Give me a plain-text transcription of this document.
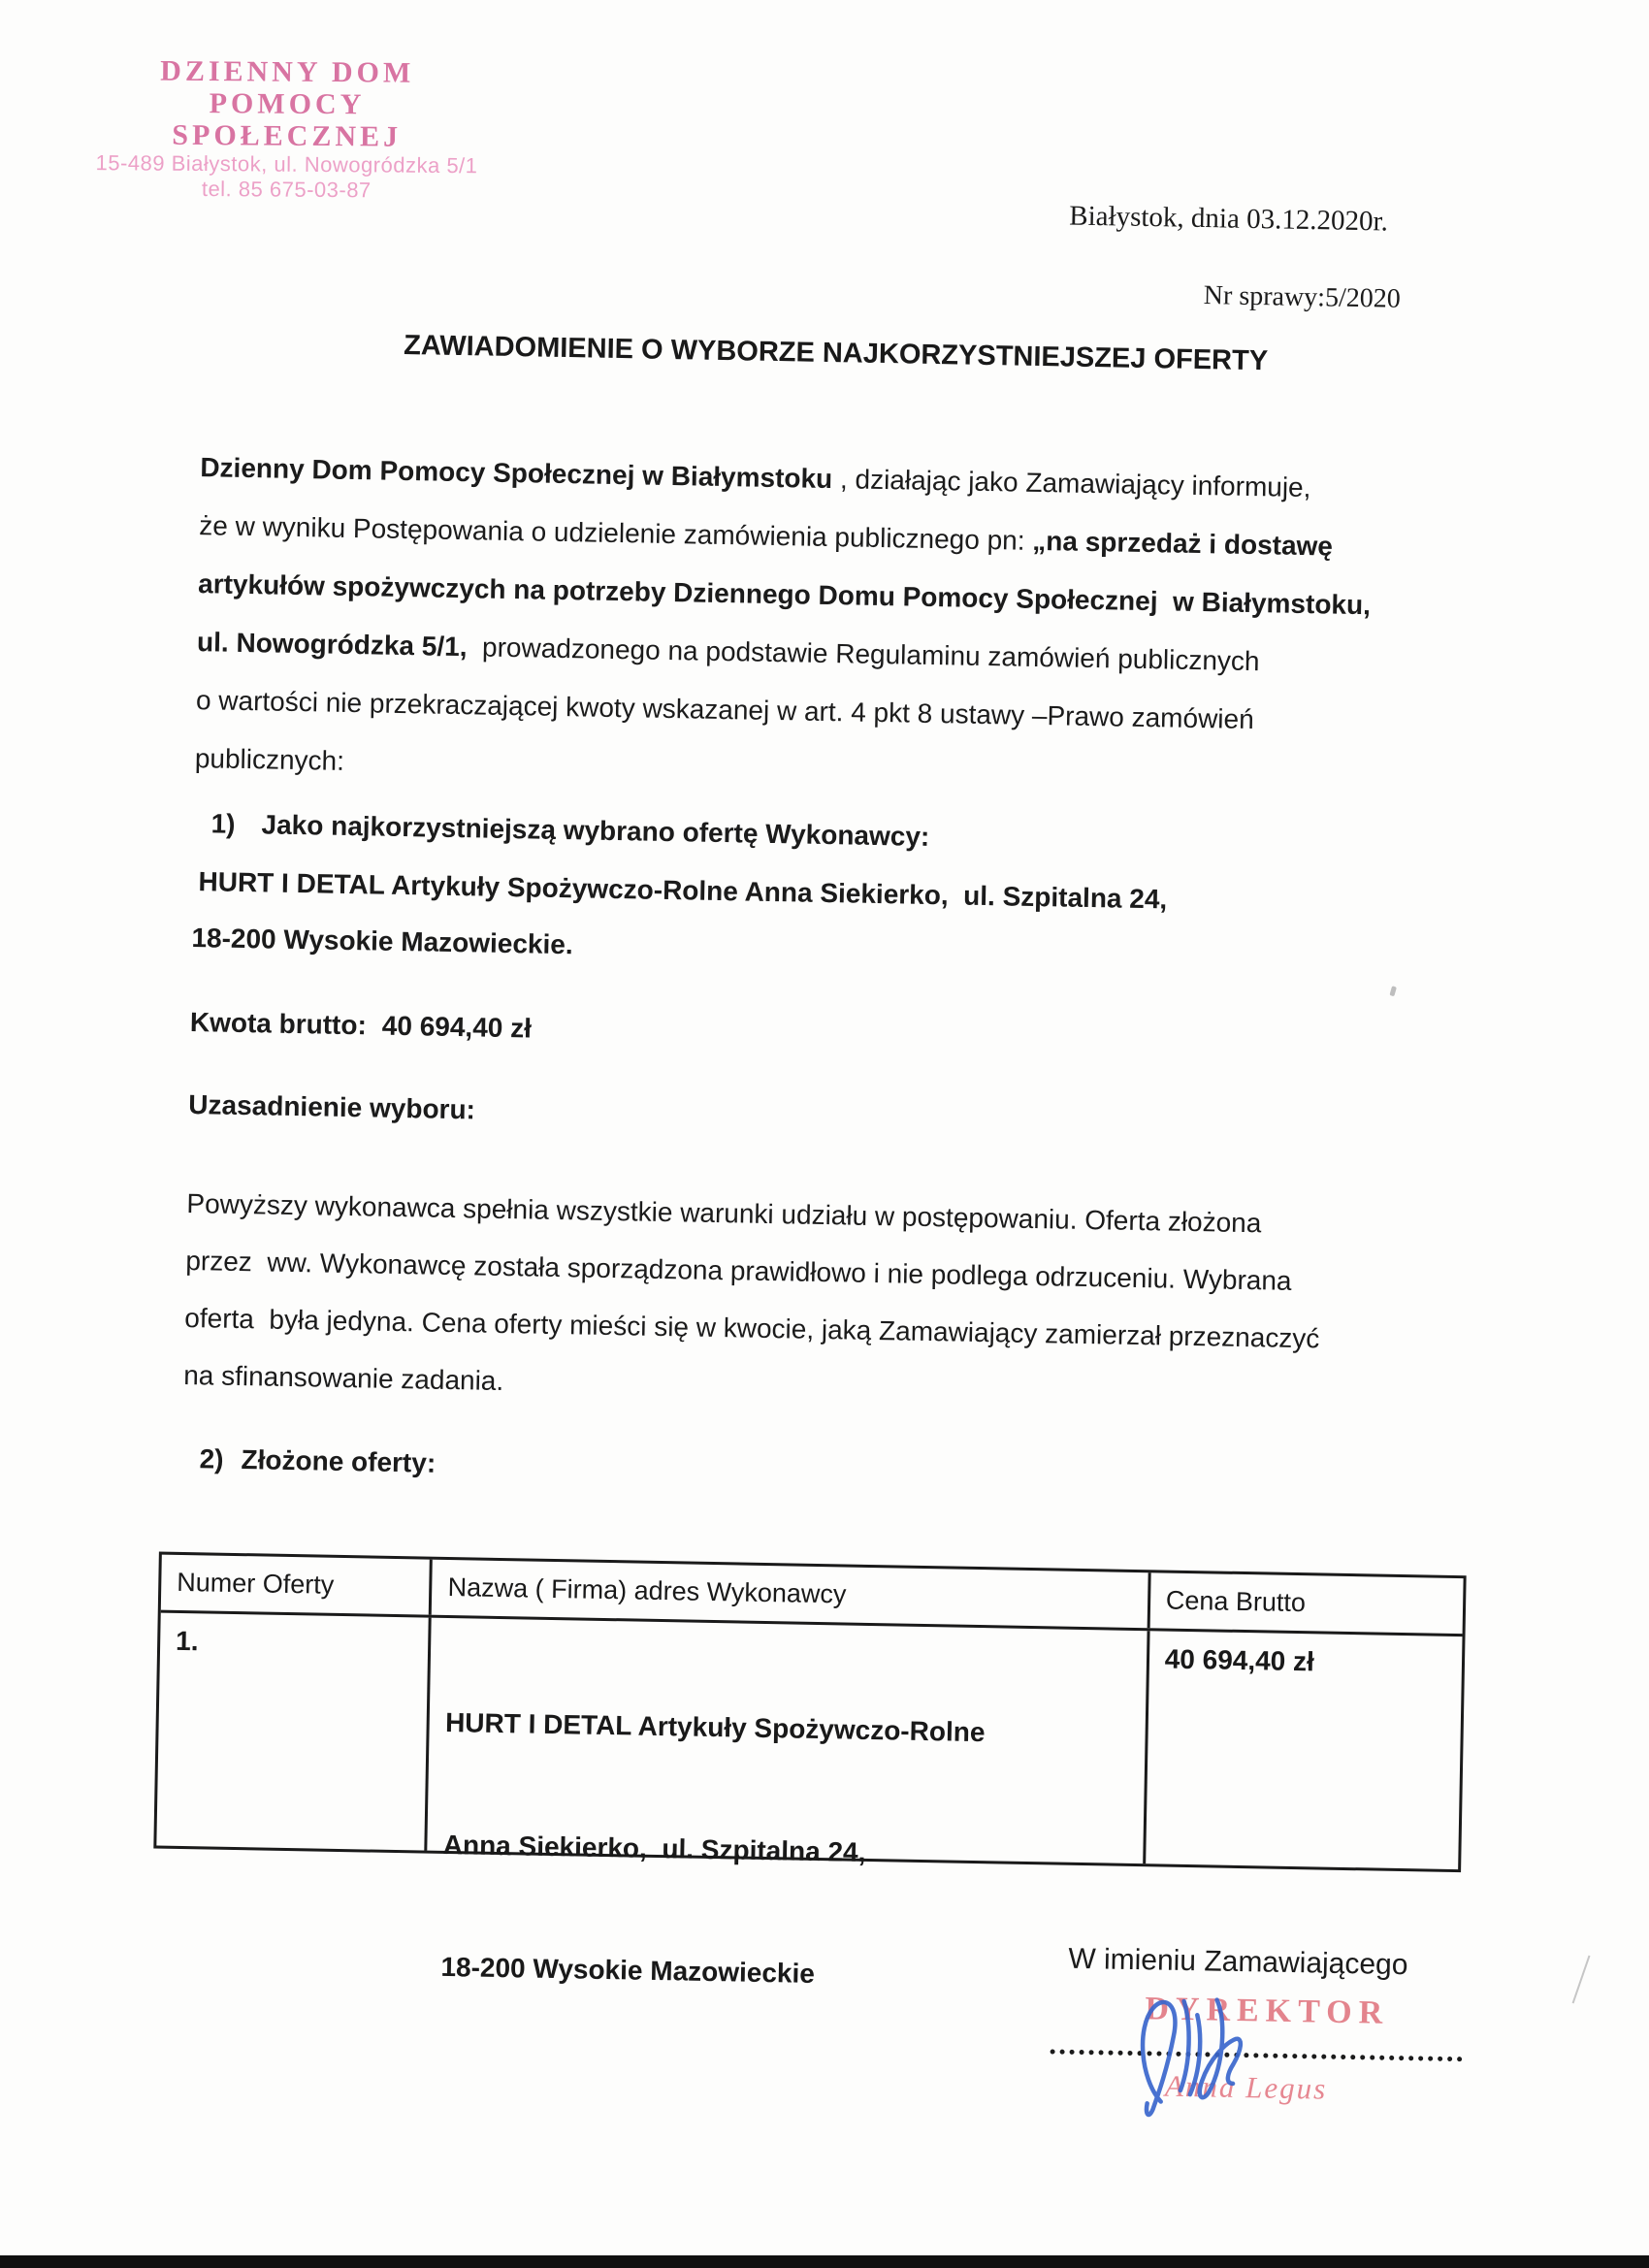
DZIENNY DOM
POMOCY SPOŁECZNEJ
15-489 Białystok, ul. Nowogródzka 5/1
tel. 85 675-03-87
Białystok, dnia 03.12.2020r.
Nr sprawy:5/2020
ZAWIADOMIENIE O WYBORZE NAJKORZYSTNIEJSZEJ OFERTY
Dzienny Dom Pomocy Społecznej w Białymstoku , działając jako Zamawiający informuje,
że w wyniku Postępowania o udzielenie zamówienia publicznego pn: „na sprzedaż i dostawę
artykułów spożywczych na potrzeby Dziennego Domu Pomocy Społecznej  w Białymstoku,
ul. Nowogródzka 5/1,  prowadzonego na podstawie Regulaminu zamówień publicznych
o wartości nie przekraczającej kwoty wskazanej w art. 4 pkt 8 ustawy –Prawo zamówień
publicznych:
1) Jako najkorzystniejszą wybrano ofertę Wykonawcy:
HURT I DETAL Artykuły Spożywczo-Rolne Anna Siekierko,  ul. Szpitalna 24,
18-200 Wysokie Mazowieckie.
Kwota brutto: 40 694,40 zł
Uzasadnienie wyboru:
Powyższy wykonawca spełnia wszystkie warunki udziału w postępowaniu. Oferta złożona
przez  ww. Wykonawcę została sporządzona prawidłowo i nie podlega odrzuceniu. Wybrana
oferta  była jedyna. Cena oferty mieści się w kwocie, jaką Zamawiający zamierzał przeznaczyć
na sfinansowanie zadania.
2) Złożone oferty:
Numer Oferty	Nazwa ( Firma) adres Wykonawcy	Cena Brutto
1.

HURT I DETAL Artykuły Spożywczo-Rolne

Anna Siekierko,  ul. Szpitalna 24,

18-200 Wysokie Mazowieckie

40 694,40 zł
W imieniu Zamawiającego
DYREKTOR
Anna Legus
